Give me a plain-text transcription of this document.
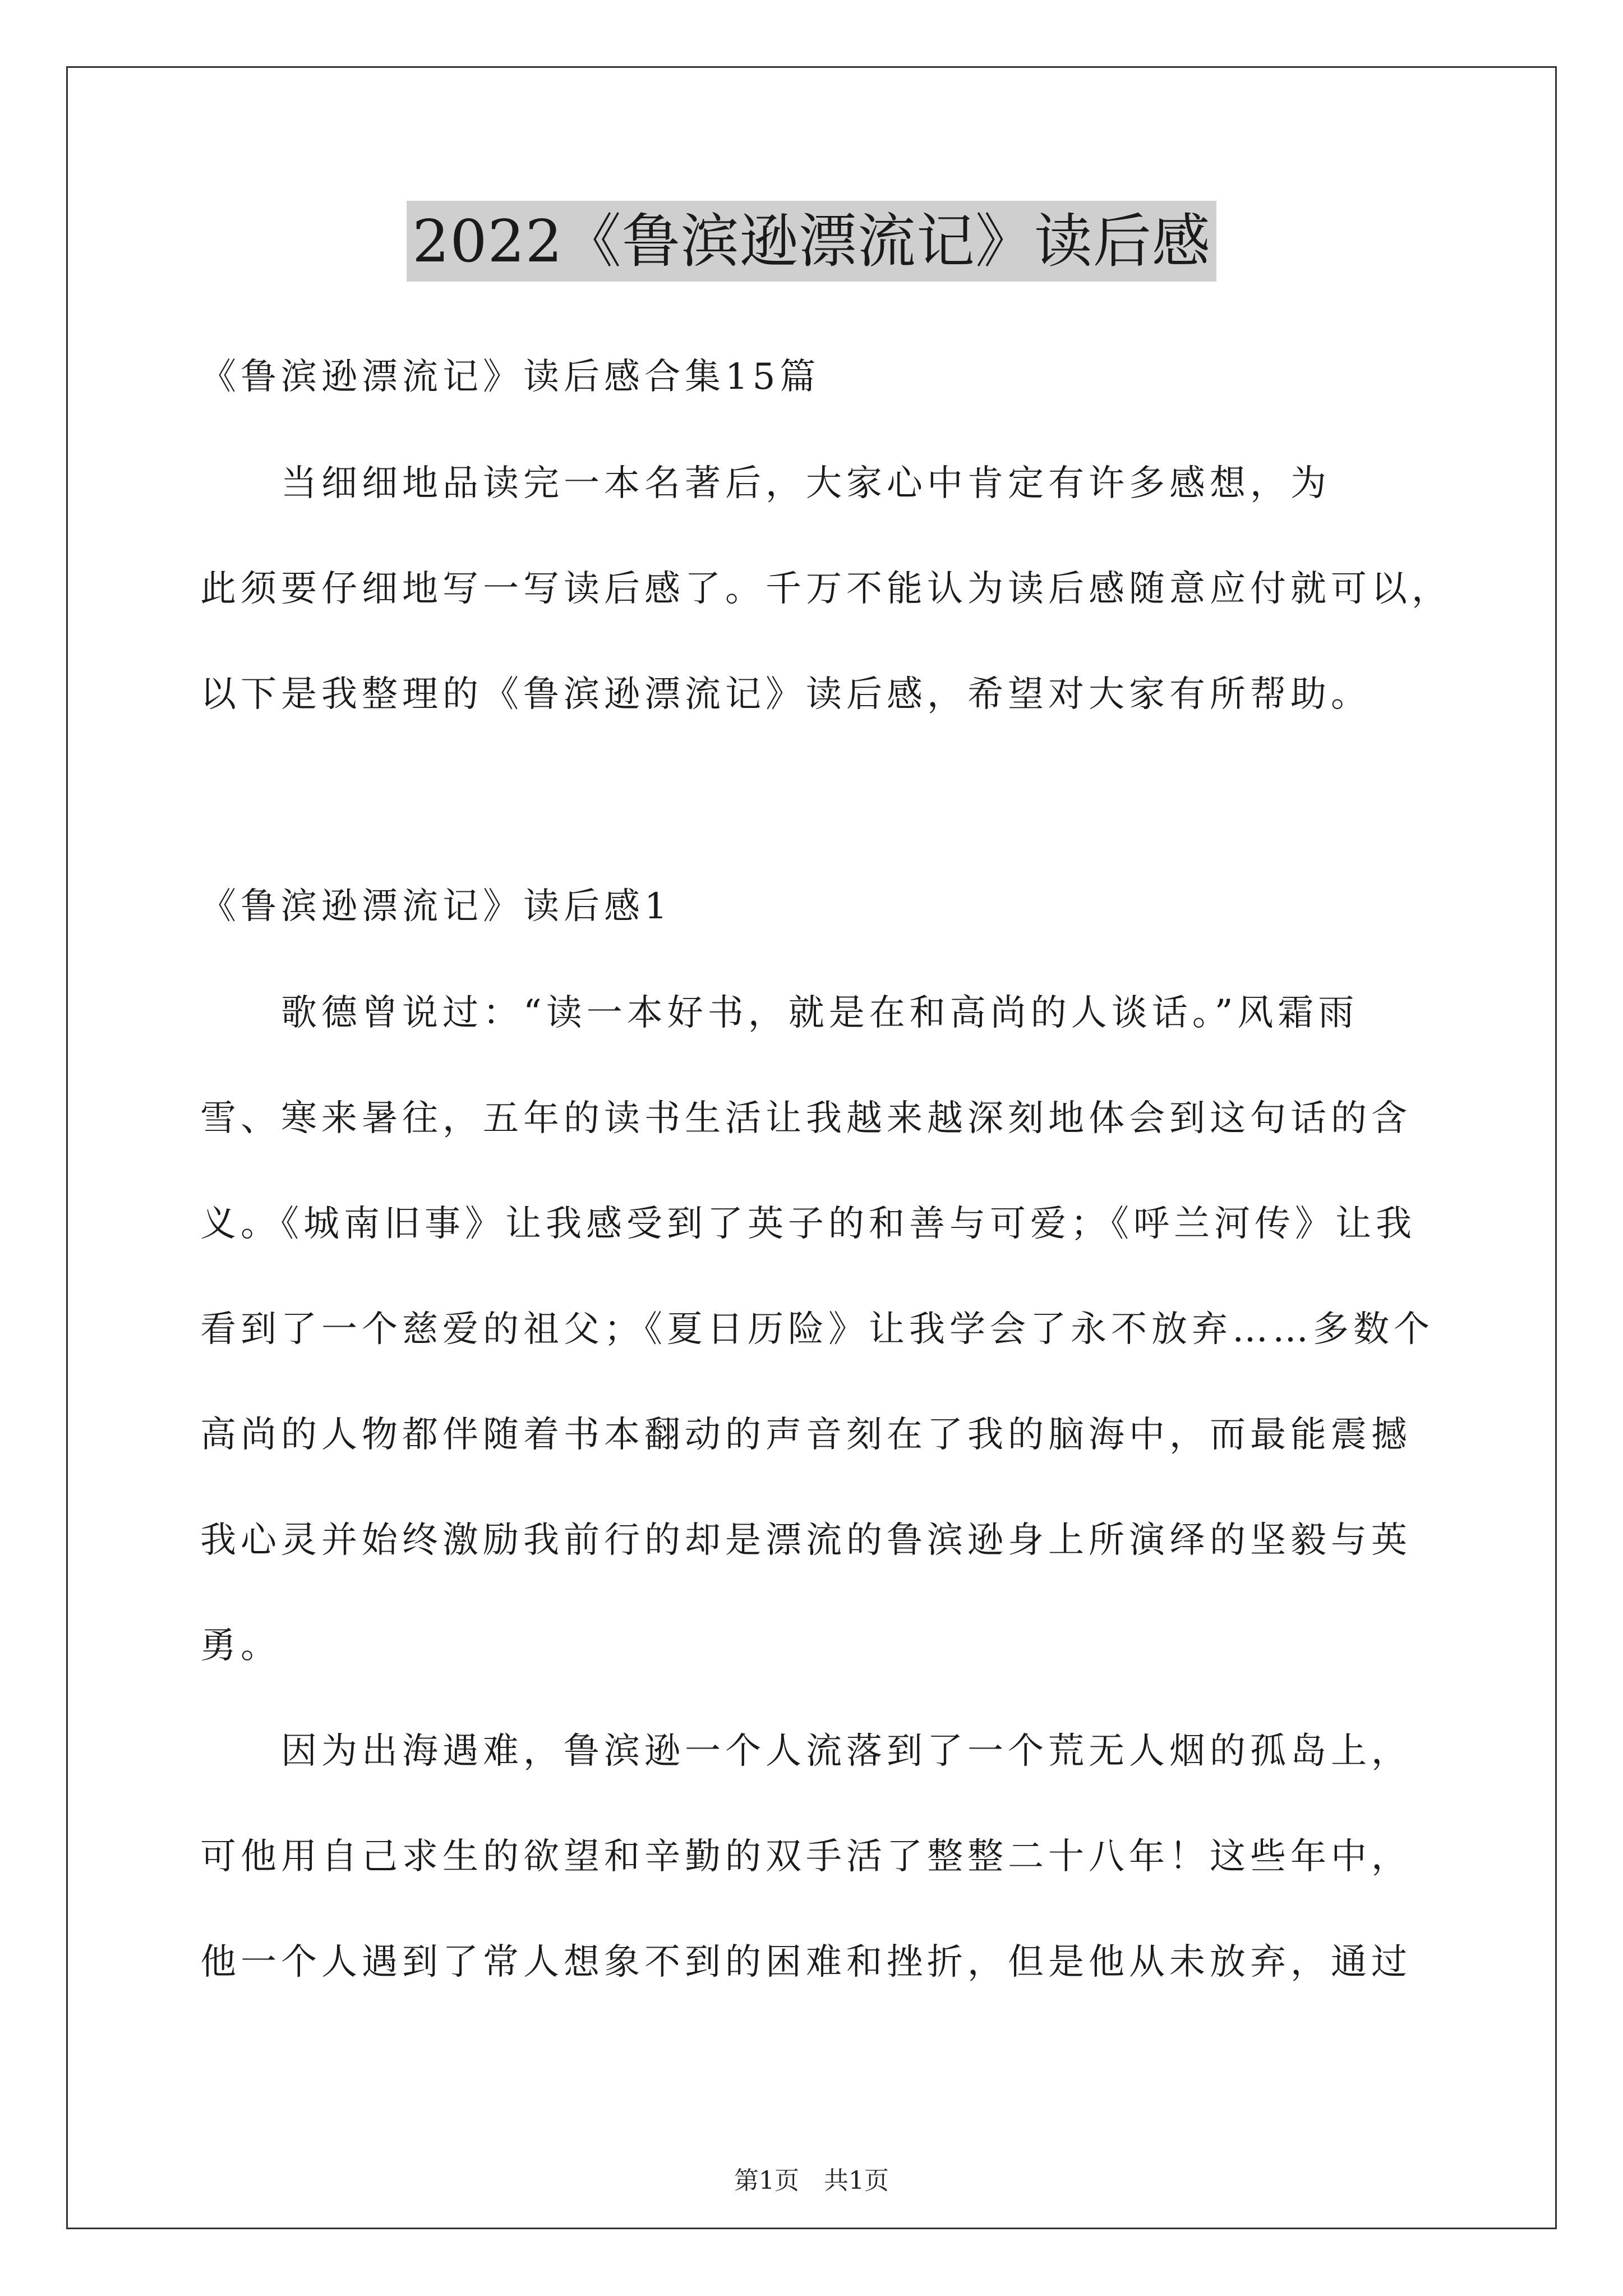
2022《鲁滨逊漂流记》读后感
《鲁滨逊漂流记》读后感合集15篇
　　当细细地品读完一本名著后，大家心中肯定有许多感想，为
此须要仔细地写一写读后感了。千万不能认为读后感随意应付就可以，
以下是我整理的《鲁滨逊漂流记》读后感，希望对大家有所帮助。
《鲁滨逊漂流记》读后感1
　　歌德曾说过：“读一本好书，就是在和高尚的人谈话。”风霜雨
雪、寒来暑往，五年的读书生活让我越来越深刻地体会到这句话的含
义。《城南旧事》让我感受到了英子的和善与可爱；《呼兰河传》让我
看到了一个慈爱的祖父；《夏日历险》让我学会了永不放弃……多数个
高尚的人物都伴随着书本翻动的声音刻在了我的脑海中，而最能震撼
我心灵并始终激励我前行的却是漂流的鲁滨逊身上所演绎的坚毅与英
勇。
　　因为出海遇难，鲁滨逊一个人流落到了一个荒无人烟的孤岛上，
可他用自己求生的欲望和辛勤的双手活了整整二十八年！这些年中，
他一个人遇到了常人想象不到的困难和挫折，但是他从未放弃，通过
第1页　共1页
